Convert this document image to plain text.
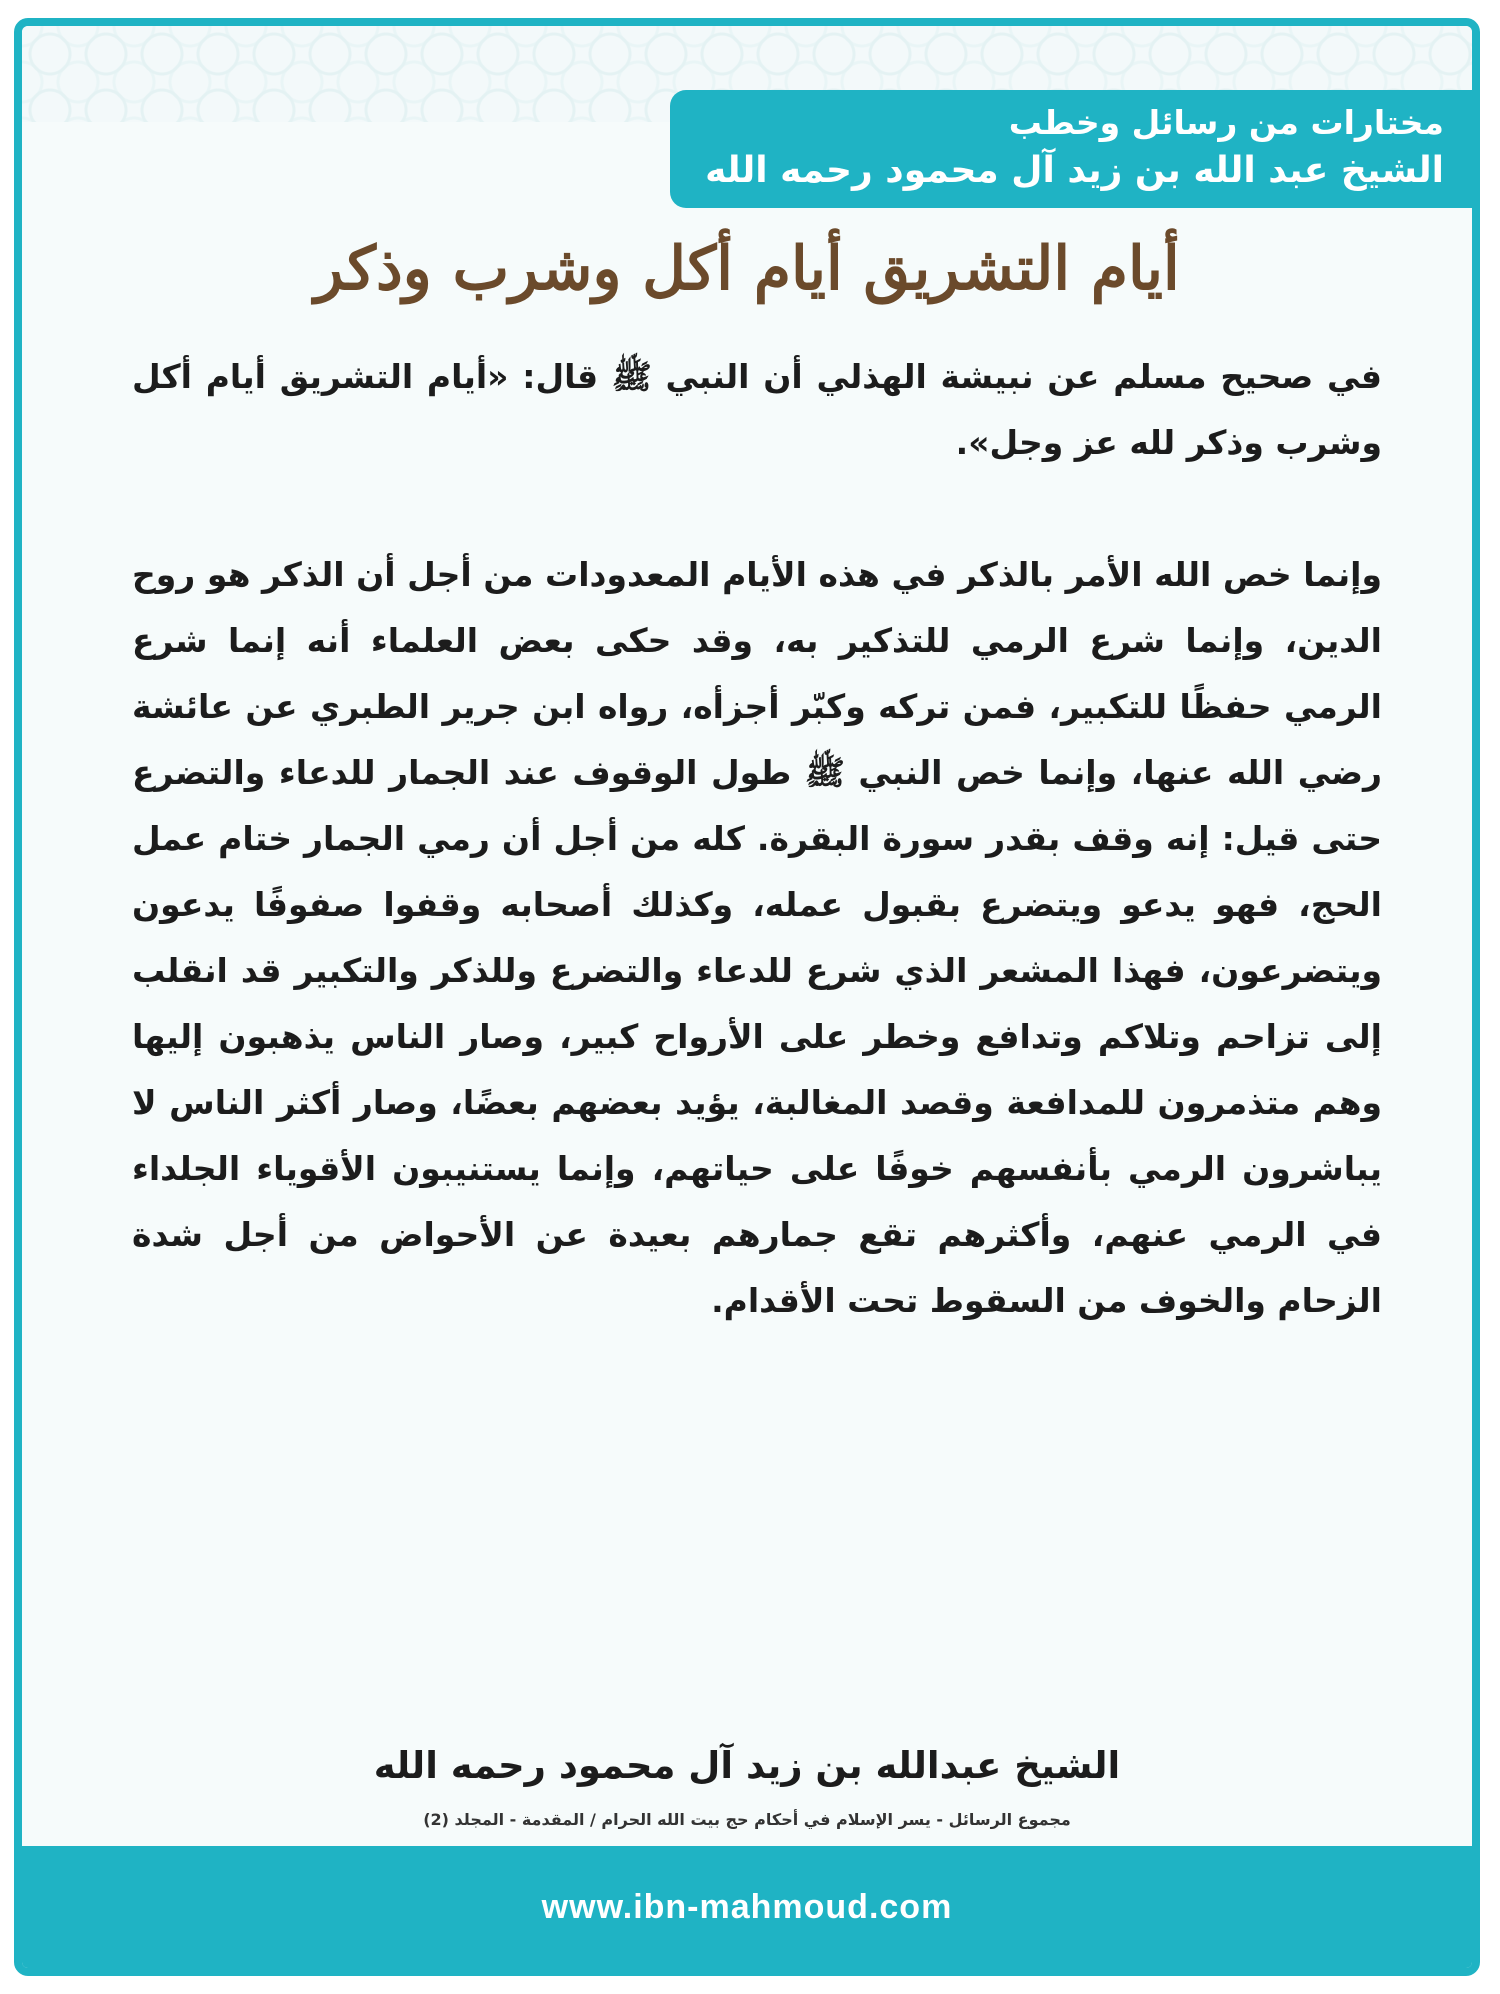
مختارات من رسائل وخطب
الشيخ عبد الله بن زيد آل محمود رحمه الله
أيام التشريق أيام أكل وشرب وذكر

في صحيح مسلم عن نبيشة الهذلي أن النبي ﷺ قال: «أيام التشريق أيام أكل وشرب وذكر لله عز وجل».

وإنما خص الله الأمر بالذكر في هذه الأيام المعدودات من أجل أن الذكر هو روح الدين، وإنما شرع الرمي للتذكير به، وقد حكى بعض العلماء أنه إنما شرع الرمي حفظًا للتكبير، فمن تركه وكبّر أجزأه، رواه ابن جرير الطبري عن عائشة رضي الله عنها، وإنما خص النبي ﷺ طول الوقوف عند الجمار للدعاء والتضرع حتى قيل: إنه وقف بقدر سورة البقرة. كله من أجل أن رمي الجمار ختام عمل الحج، فهو يدعو ويتضرع بقبول عمله، وكذلك أصحابه وقفوا صفوفًا يدعون ويتضرعون، فهذا المشعر الذي شرع للدعاء والتضرع وللذكر والتكبير قد انقلب إلى تزاحم وتلاكم وتدافع وخطر على الأرواح كبير، وصار الناس يذهبون إليها وهم متذمرون للمدافعة وقصد المغالبة، يؤيد بعضهم بعضًا، وصار أكثر الناس لا يباشرون الرمي بأنفسهم خوفًا على حياتهم، وإنما يستنيبون الأقوياء الجلداء في الرمي عنهم، وأكثرهم تقع جمارهم بعيدة عن الأحواض من أجل شدة الزحام والخوف من السقوط تحت الأقدام.

الشيخ عبدالله بن زيد آل محمود رحمه الله
مجموع الرسائل - يسر الإسلام في أحكام حج بيت الله الحرام / المقدمة - المجلد (2)
www.ibn-mahmoud.com
